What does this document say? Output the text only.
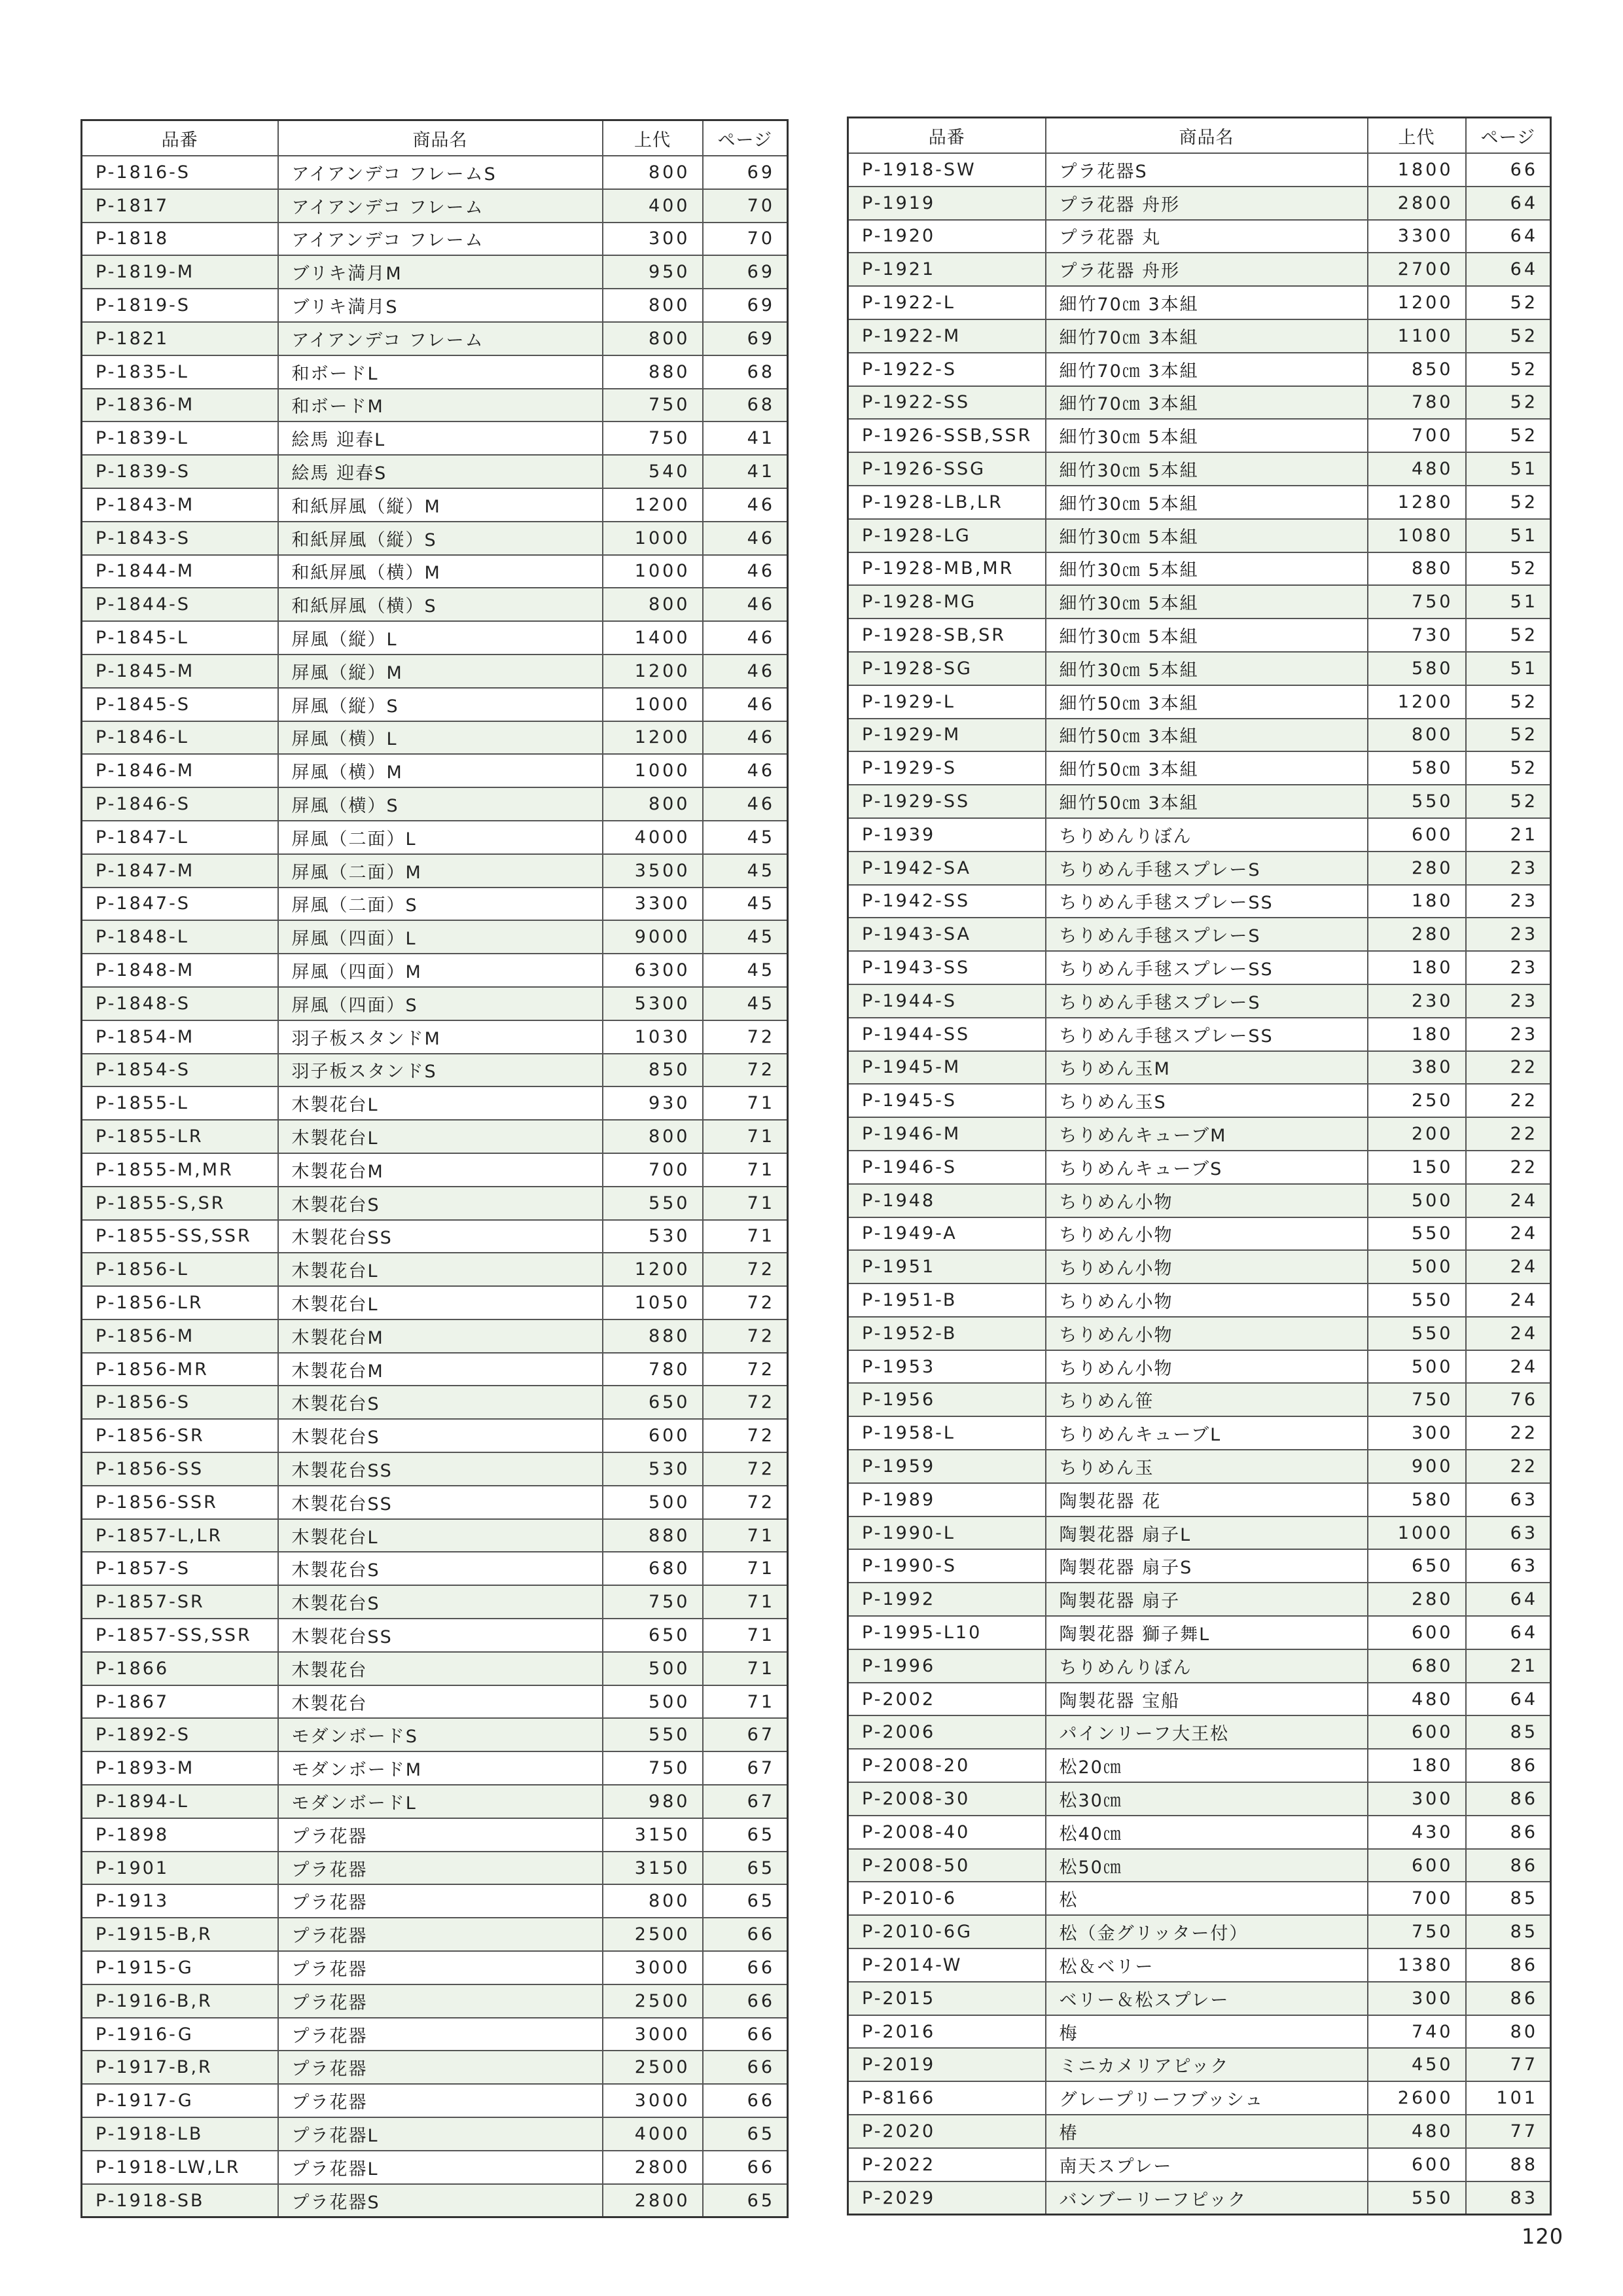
品番	商品名	上代	ページ
P-1816-S	アイアンデコ フレームS	800	69
P-1817	アイアンデコ フレーム	400	70
P-1818	アイアンデコ フレーム	300	70
P-1819-M	ブリキ満月M	950	69
P-1819-S	ブリキ満月S	800	69
P-1821	アイアンデコ フレーム	800	69
P-1835-L	和ボードL	880	68
P-1836-M	和ボードM	750	68
P-1839-L	絵馬 迎春L	750	41
P-1839-S	絵馬 迎春S	540	41
P-1843-M	和紙屏風（縦）M	1200	46
P-1843-S	和紙屏風（縦）S	1000	46
P-1844-M	和紙屏風（横）M	1000	46
P-1844-S	和紙屏風（横）S	800	46
P-1845-L	屏風（縦）L	1400	46
P-1845-M	屏風（縦）M	1200	46
P-1845-S	屏風（縦）S	1000	46
P-1846-L	屏風（横）L	1200	46
P-1846-M	屏風（横）M	1000	46
P-1846-S	屏風（横）S	800	46
P-1847-L	屏風（二面）L	4000	45
P-1847-M	屏風（二面）M	3500	45
P-1847-S	屏風（二面）S	3300	45
P-1848-L	屏風（四面）L	9000	45
P-1848-M	屏風（四面）M	6300	45
P-1848-S	屏風（四面）S	5300	45
P-1854-M	羽子板スタンドM	1030	72
P-1854-S	羽子板スタンドS	850	72
P-1855-L	木製花台L	930	71
P-1855-LR	木製花台L	800	71
P-1855-M,MR	木製花台M	700	71
P-1855-S,SR	木製花台S	550	71
P-1855-SS,SSR	木製花台SS	530	71
P-1856-L	木製花台L	1200	72
P-1856-LR	木製花台L	1050	72
P-1856-M	木製花台M	880	72
P-1856-MR	木製花台M	780	72
P-1856-S	木製花台S	650	72
P-1856-SR	木製花台S	600	72
P-1856-SS	木製花台SS	530	72
P-1856-SSR	木製花台SS	500	72
P-1857-L,LR	木製花台L	880	71
P-1857-S	木製花台S	680	71
P-1857-SR	木製花台S	750	71
P-1857-SS,SSR	木製花台SS	650	71
P-1866	木製花台	500	71
P-1867	木製花台	500	71
P-1892-S	モダンボードS	550	67
P-1893-M	モダンボードM	750	67
P-1894-L	モダンボードL	980	67
P-1898	プラ花器	3150	65
P-1901	プラ花器	3150	65
P-1913	プラ花器	800	65
P-1915-B,R	プラ花器	2500	66
P-1915-G	プラ花器	3000	66
P-1916-B,R	プラ花器	2500	66
P-1916-G	プラ花器	3000	66
P-1917-B,R	プラ花器	2500	66
P-1917-G	プラ花器	3000	66
P-1918-LB	プラ花器L	4000	65
P-1918-LW,LR	プラ花器L	2800	66
P-1918-SB	プラ花器S	2800	65
品番	商品名	上代	ページ
P-1918-SW	プラ花器S	1800	66
P-1919	プラ花器 舟形	2800	64
P-1920	プラ花器 丸	3300	64
P-1921	プラ花器 舟形	2700	64
P-1922-L	細竹70㎝ 3本組	1200	52
P-1922-M	細竹70㎝ 3本組	1100	52
P-1922-S	細竹70㎝ 3本組	850	52
P-1922-SS	細竹70㎝ 3本組	780	52
P-1926-SSB,SSR	細竹30㎝ 5本組	700	52
P-1926-SSG	細竹30㎝ 5本組	480	51
P-1928-LB,LR	細竹30㎝ 5本組	1280	52
P-1928-LG	細竹30㎝ 5本組	1080	51
P-1928-MB,MR	細竹30㎝ 5本組	880	52
P-1928-MG	細竹30㎝ 5本組	750	51
P-1928-SB,SR	細竹30㎝ 5本組	730	52
P-1928-SG	細竹30㎝ 5本組	580	51
P-1929-L	細竹50㎝ 3本組	1200	52
P-1929-M	細竹50㎝ 3本組	800	52
P-1929-S	細竹50㎝ 3本組	580	52
P-1929-SS	細竹50㎝ 3本組	550	52
P-1939	ちりめんりぼん	600	21
P-1942-SA	ちりめん手毬スプレーS	280	23
P-1942-SS	ちりめん手毬スプレーSS	180	23
P-1943-SA	ちりめん手毬スプレーS	280	23
P-1943-SS	ちりめん手毬スプレーSS	180	23
P-1944-S	ちりめん手毬スプレーS	230	23
P-1944-SS	ちりめん手毬スプレーSS	180	23
P-1945-M	ちりめん玉M	380	22
P-1945-S	ちりめん玉S	250	22
P-1946-M	ちりめんキューブM	200	22
P-1946-S	ちりめんキューブS	150	22
P-1948	ちりめん小物	500	24
P-1949-A	ちりめん小物	550	24
P-1951	ちりめん小物	500	24
P-1951-B	ちりめん小物	550	24
P-1952-B	ちりめん小物	550	24
P-1953	ちりめん小物	500	24
P-1956	ちりめん笹	750	76
P-1958-L	ちりめんキューブL	300	22
P-1959	ちりめん玉	900	22
P-1989	陶製花器 花	580	63
P-1990-L	陶製花器 扇子L	1000	63
P-1990-S	陶製花器 扇子S	650	63
P-1992	陶製花器 扇子	280	64
P-1995-L10	陶製花器 獅子舞L	600	64
P-1996	ちりめんりぼん	680	21
P-2002	陶製花器 宝船	480	64
P-2006	パインリーフ大王松	600	85
P-2008-20	松20㎝	180	86
P-2008-30	松30㎝	300	86
P-2008-40	松40㎝	430	86
P-2008-50	松50㎝	600	86
P-2010-6	松	700	85
P-2010-6G	松（金グリッター付）	750	85
P-2014-W	松＆ベリー	1380	86
P-2015	ベリー＆松スプレー	300	86
P-2016	梅	740	80
P-2019	ミニカメリアピック	450	77
P-8166	グレープリーフブッシュ	2600	101
P-2020	椿	480	77
P-2022	南天スプレー	600	88
P-2029	バンブーリーフピック	550	83
120
